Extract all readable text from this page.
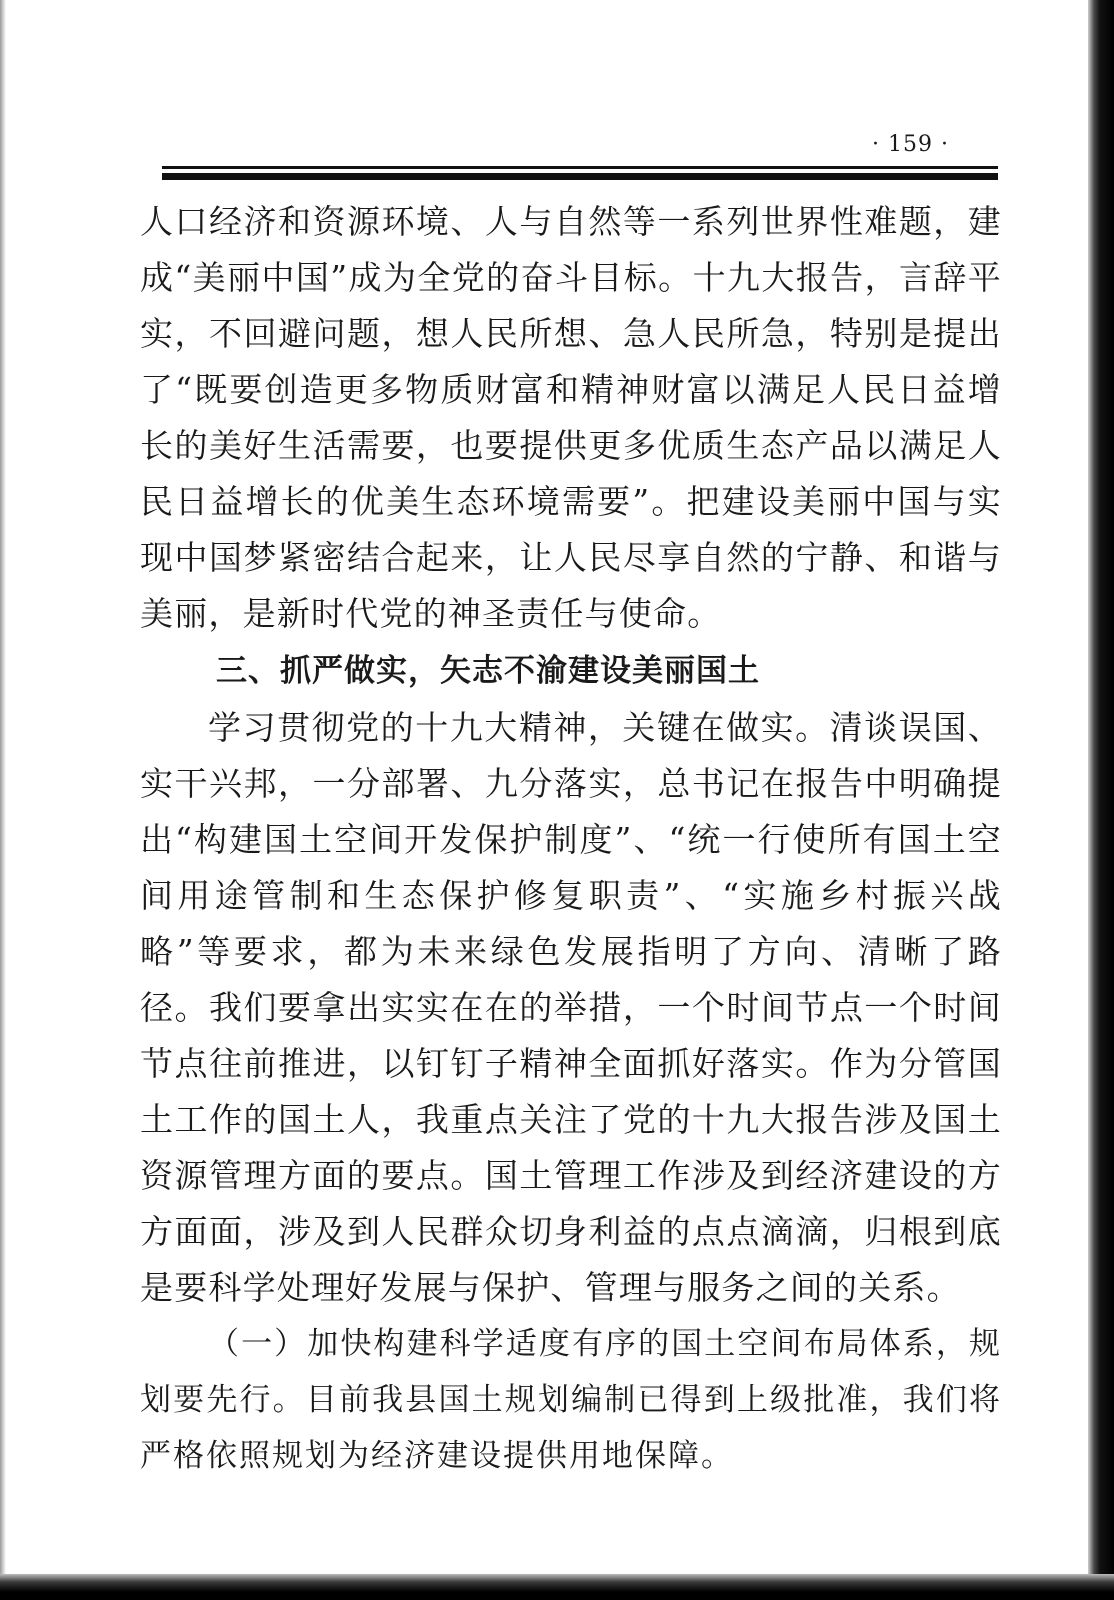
· 159 ·

人口经济和资源环境、人与自然等一系列世界性难题，建成“美丽中国”成为全党的奋斗目标。十九大报告，言辞平实，不回避问题，想人民所想、急人民所急，特别是提出了“既要创造更多物质财富和精神财富以满足人民日益增长的美好生活需要，也要提供更多优质生态产品以满足人民日益增长的优美生态环境需要”。把建设美丽中国与实现中国梦紧密结合起来，让人民尽享自然的宁静、和谐与美丽，是新时代党的神圣责任与使命。

三、抓严做实，矢志不渝建设美丽国土

学习贯彻党的十九大精神，关键在做实。清谈误国、实干兴邦，一分部署、九分落实，总书记在报告中明确提出“构建国土空间开发保护制度”、“统一行使所有国土空间用途管制和生态保护修复职责”、“实施乡村振兴战略”等要求，都为未来绿色发展指明了方向、清晰了路径。我们要拿出实实在在的举措，一个时间节点一个时间节点往前推进，以钉钉子精神全面抓好落实。作为分管国土工作的国土人，我重点关注了党的十九大报告涉及国土资源管理方面的要点。国土管理工作涉及到经济建设的方方面面，涉及到人民群众切身利益的点点滴滴，归根到底是要科学处理好发展与保护、管理与服务之间的关系。

（一）加快构建科学适度有序的国土空间布局体系，规划要先行。目前我县国土规划编制已得到上级批准，我们将严格依照规划为经济建设提供用地保障。
